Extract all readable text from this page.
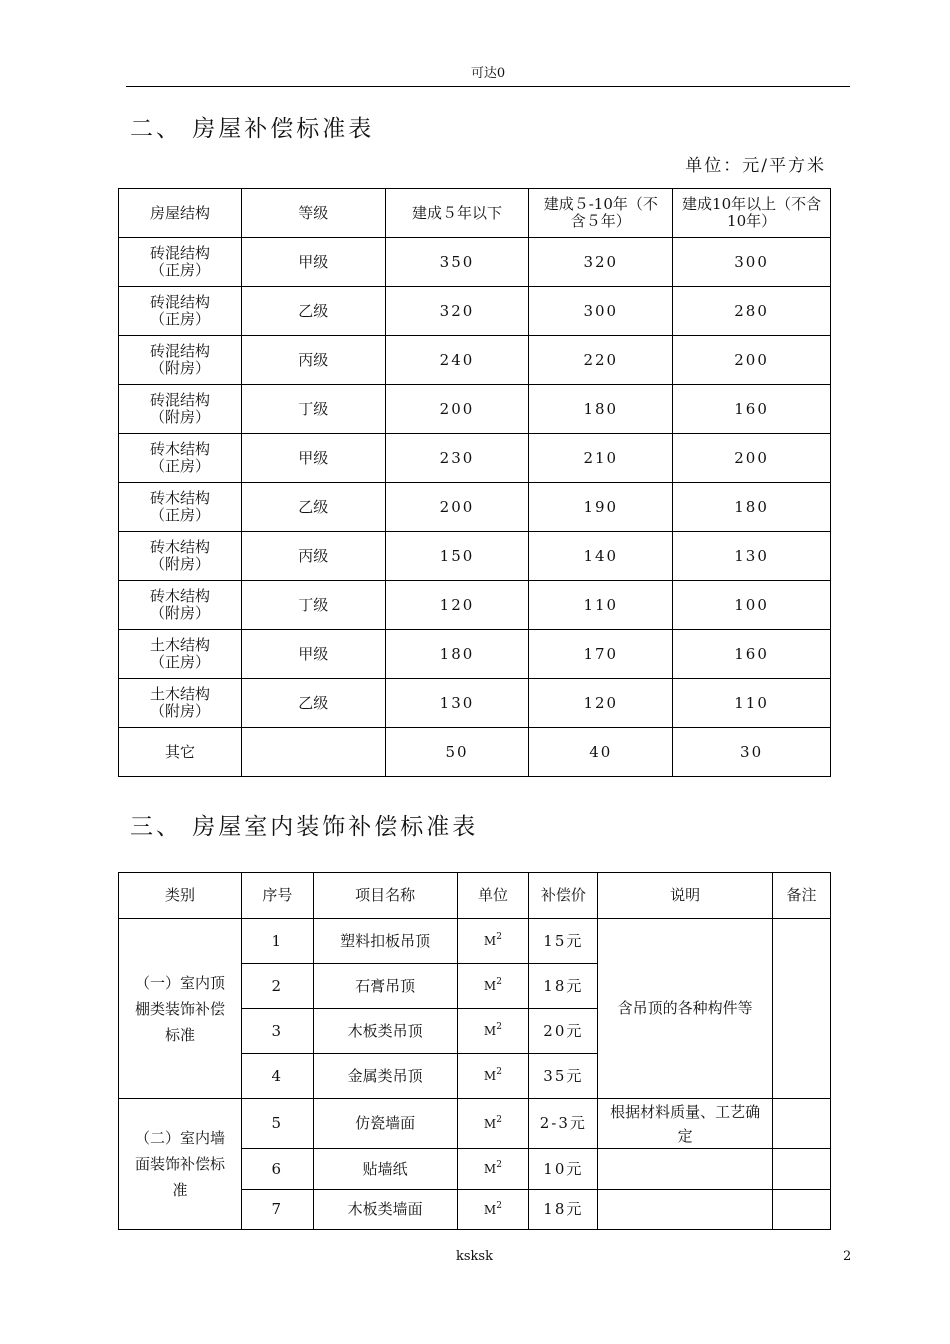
可达0
二、 房屋补偿标准表
单位：元/平方米
房屋结构	等级	建成５年以下	建成５-10年（不含５年）	建成10年以上（不含10年）
砖混结构（正房）	甲级	350	320	300
砖混结构（正房）	乙级	320	300	280
砖混结构（附房）	丙级	240	220	200
砖混结构（附房）	丁级	200	180	160
砖木结构（正房）	甲级	230	210	200
砖木结构（正房）	乙级	200	190	180
砖木结构（附房）	丙级	150	140	130
砖木结构（附房）	丁级	120	110	100
土木结构（正房）	甲级	180	170	160
土木结构（附房）	乙级	130	120	110
其它		50	40	30
三、 房屋室内装饰补偿标准表
类别	序号	项目名称	单位	补偿价	说明	备注
（一）室内顶棚类装饰补偿标准	1	塑料扣板吊顶	$M^2$	15元	含吊顶的各种构件等	
	2	石膏吊顶	$M^2$	18元		
	3	木板类吊顶	$M^2$	20元		
	4	金属类吊顶	$M^2$	35元		
（二）室内墙面装饰补偿标准	5	仿瓷墙面	$M^2$	2-3元	根据材料质量、工艺确定	
	6	贴墙纸	$M^2$	10元		
	7	木板类墙面	$M^2$	18元		
ksksk	2
